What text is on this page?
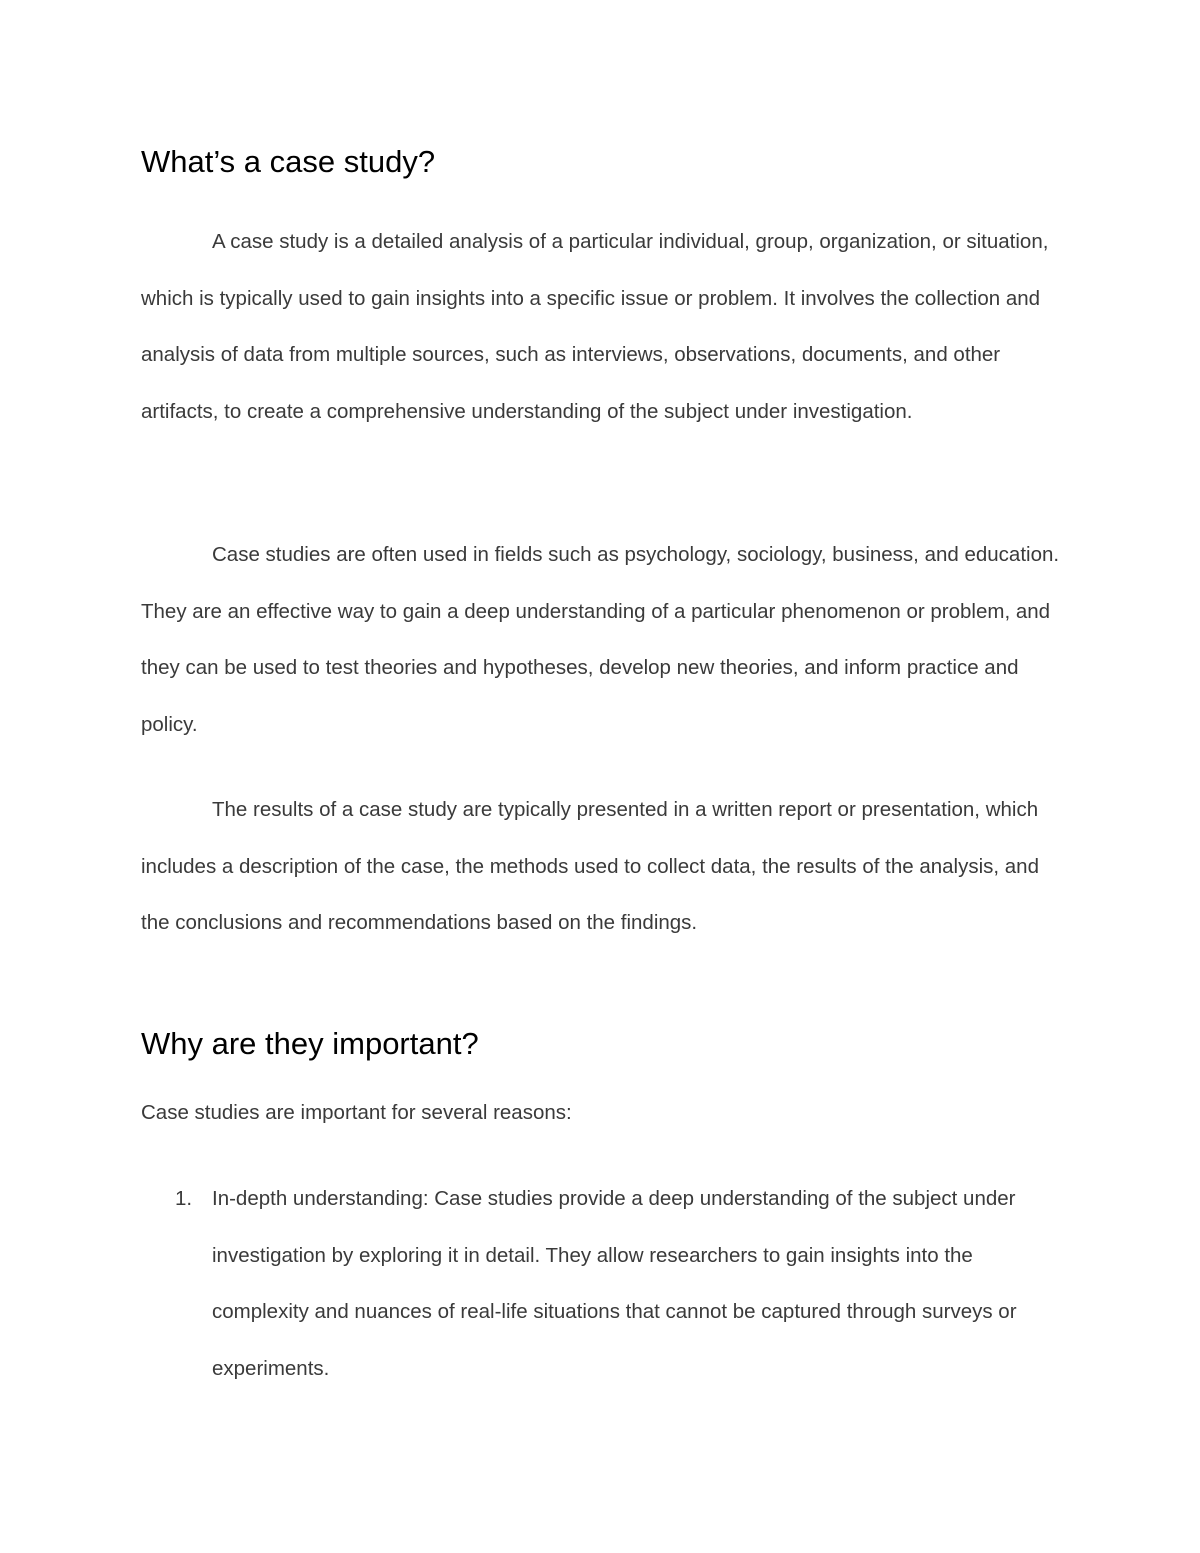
What’s a case study?

A case study is a detailed analysis of a particular individual, group, organization, or situation, which is typically used to gain insights into a specific issue or problem. It involves the collection and analysis of data from multiple sources, such as interviews, observations, documents, and other artifacts, to create a comprehensive understanding of the subject under investigation.

Case studies are often used in fields such as psychology, sociology, business, and education. They are an effective way to gain a deep understanding of a particular phenomenon or problem, and they can be used to test theories and hypotheses, develop new theories, and inform practice and policy.

The results of a case study are typically presented in a written report or presentation, which includes a description of the case, the methods used to collect data, the results of the analysis, and the conclusions and recommendations based on the findings.

Why are they important?

Case studies are important for several reasons:

1. In-depth understanding: Case studies provide a deep understanding of the subject under investigation by exploring it in detail. They allow researchers to gain insights into the complexity and nuances of real-life situations that cannot be captured through surveys or experiments.
